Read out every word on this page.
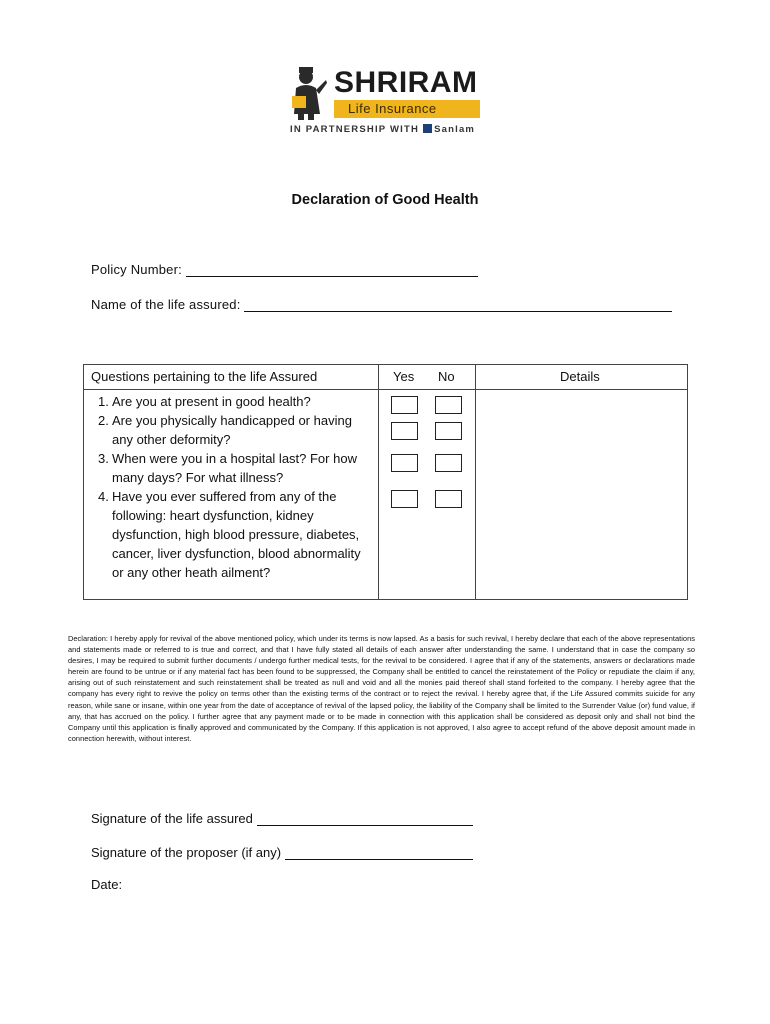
SHRIRAM
Life Insurance
IN PARTNERSHIP WITH Sanlam
Declaration of Good Health
Policy Number:
Name of the life assured:
Questions pertaining to the life Assured	Yes No	Details
1. Are you at present in good health?
2. Are you physically handicapped or having any other deformity?
3. When were you in a hospital last? For how many days? For what illness?
4. Have you ever suffered from any of the following: heart dysfunction, kidney dysfunction, high blood pressure, diabetes, cancer, liver dysfunction, blood abnormality or any other heath ailment?
Declaration: I hereby apply for revival of the above mentioned policy, which under its terms is now lapsed. As a basis for such revival, I hereby declare that each of the above representations and statements made or referred to is true and correct, and that I have fully stated all details of each answer after understanding the same. I understand that in case the company so desires, I may be required to submit further documents / undergo further medical tests, for the revival to be considered. I agree that if any of the statements, answers or declarations made herein are found to be untrue or if any material fact has been found to be suppressed, the Company shall be entitled to cancel the reinstatement of the Policy or repudiate the claim if any, arising out of such reinstatement and such reinstatement shall be treated as null and void and all the monies paid thereof shall stand forfeited to the company. I hereby agree that the company has every right to revive the policy on terms other than the existing terms of the contract or to reject the revival. I hereby agree that, if the Life Assured commits suicide for any reason, while sane or insane, within one year from the date of acceptance of revival of the lapsed policy, the liability of the Company shall be limited to the Surrender Value (or) fund value, if any, that has accrued on the policy. I further agree that any payment made or to be made in connection with this application shall be considered as deposit only and shall not bind the Company until this application is finally approved and communicated by the Company. If this application is not approved, I also agree to accept refund of the above deposit amount made in connection herewith, without interest.
Signature of the life assured
Signature of the proposer (if any)
Date:
